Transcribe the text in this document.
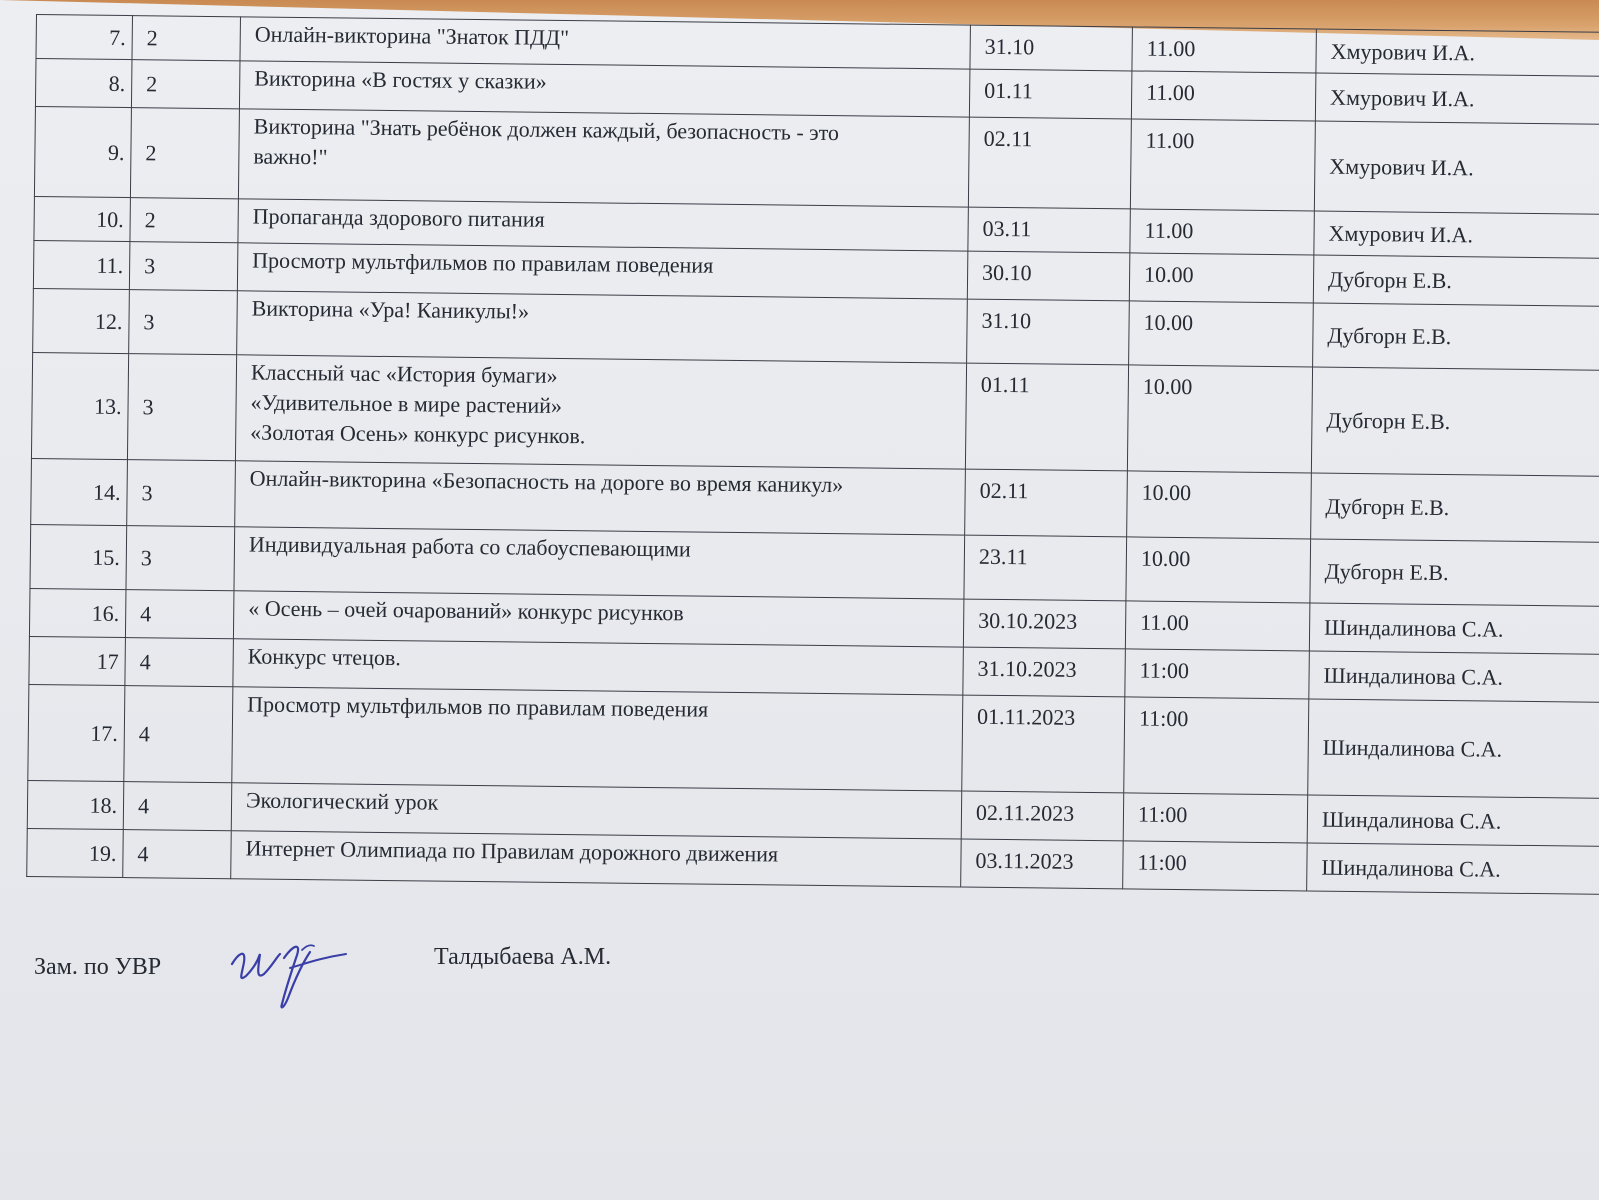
7.	2	Онлайн-викторина "Знаток ПДД"	31.10	11.00	Хмурович И.А.
8.	2	Викторина «В гостях у сказки»	01.11	11.00	Хмурович И.А.
9.	2	Викторина "Знать ребёнок должен каждый, безопасность - это
важно!"	02.11	11.00	Хмурович И.А.
10.	2	Пропаганда здорового питания	03.11	11.00	Хмурович И.А.
11.	3	Просмотр мультфильмов по правилам поведения	30.10	10.00	Дубгорн Е.В.
12.	3	Викторина «Ура! Каникулы!»	31.10	10.00	Дубгорн Е.В.
13.	3	Классный час «История бумаги»
«Удивительное в мире растений»
«Золотая Осень» конкурс рисунков.	01.11	10.00	Дубгорн Е.В.
14.	3	Онлайн-викторина «Безопасность на дороге во время каникул»	02.11	10.00	Дубгорн Е.В.
15.	3	Индивидуальная работа со слабоуспевающими	23.11	10.00	Дубгорн Е.В.
16.	4	« Осень – очей очарований» конкурс рисунков	30.10.2023	11.00	Шиндалинова С.А.
17	4	Конкурс чтецов.	31.10.2023	11:00	Шиндалинова С.А.
17.	4	Просмотр мультфильмов по правилам поведения	01.11.2023	11:00	Шиндалинова С.А.
18.	4	Экологический урок	02.11.2023	11:00	Шиндалинова С.А.
19.	4	Интернет Олимпиада по Правилам дорожного движения	03.11.2023	11:00	Шиндалинова С.А.
Зам. по УВР	Талдыбаева А.М.
